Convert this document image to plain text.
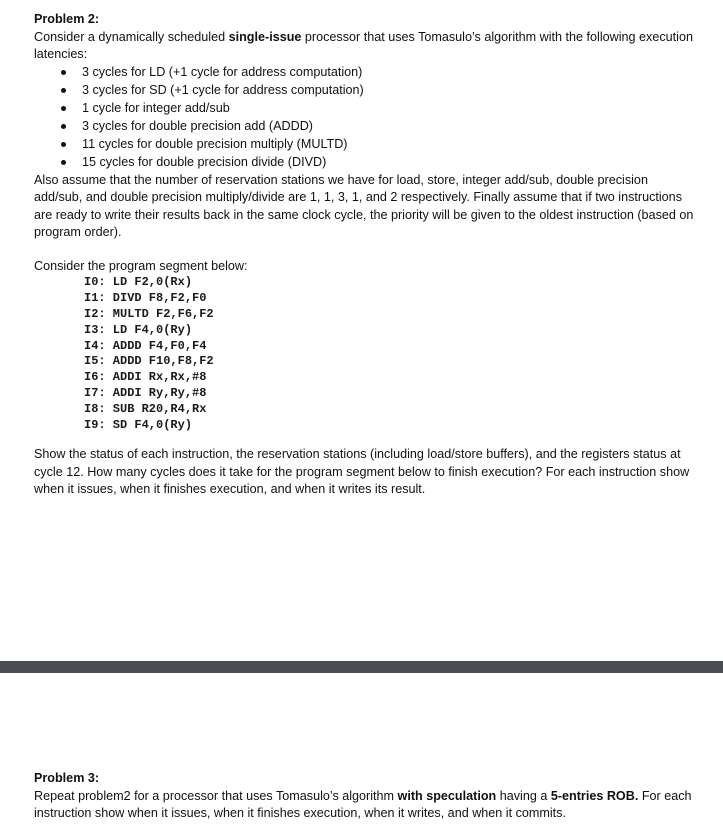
Problem 2:

Consider a dynamically scheduled single-issue processor that uses Tomasulo’s algorithm with the following execution latencies:

3 cycles for LD (+1 cycle for address computation)
3 cycles for SD (+1 cycle for address computation)
1 cycle for integer add/sub
3 cycles for double precision add (ADDD)
11 cycles for double precision multiply (MULTD)
15 cycles for double precision divide (DIVD)

Also assume that the number of reservation stations we have for load, store, integer add/sub, double precision add/sub, and double precision multiply/divide are 1, 1, 3, 1, and 2 respectively. Finally assume that if two instructions are ready to write their results back in the same clock cycle, the priority will be given to the oldest instruction (based on program order).

Consider the program segment below:

I0: LD F2,0(Rx)
I1: DIVD F8,F2,F0
I2: MULTD F2,F6,F2
I3: LD F4,0(Ry)
I4: ADDD F4,F0,F4
I5: ADDD F10,F8,F2
I6: ADDI Rx,Rx,#8
I7: ADDI Ry,Ry,#8
I8: SUB R20,R4,Rx
I9: SD F4,0(Ry)

Show the status of each instruction, the reservation stations (including load/store buffers), and the registers status at cycle 12. How many cycles does it take for the program segment below to finish execution? For each instruction show when it issues, when it finishes execution, and when it writes its result.

Problem 3:

Repeat problem2 for a processor that uses Tomasulo’s algorithm with speculation having a 5-entries ROB. For each instruction show when it issues, when it finishes execution, when it writes, and when it commits.
